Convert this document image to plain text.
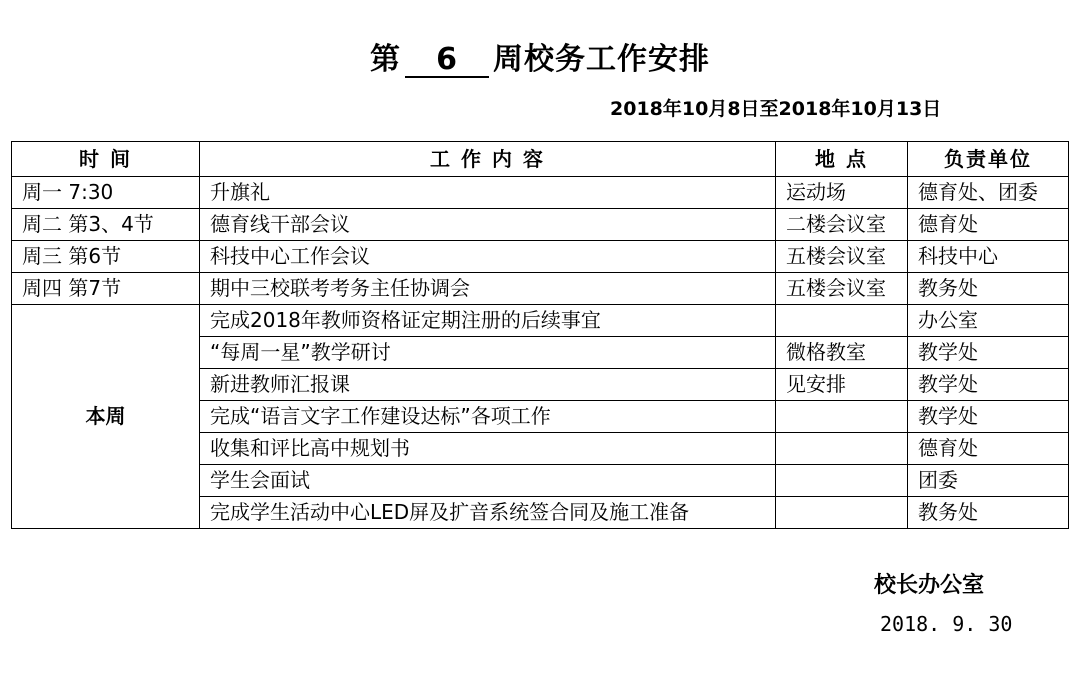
第 6 周校务工作安排
2018年10月8日至2018年10月13日
时 间	工 作 内 容	地 点	负责单位
周一 7:30	升旗礼	运动场	德育处、团委
周二 第3、4节	德育线干部会议	二楼会议室	德育处
周三 第6节	科技中心工作会议	五楼会议室	科技中心
周四 第7节	期中三校联考考务主任协调会	五楼会议室	教务处
本周	完成2018年教师资格证定期注册的后续事宜		办公室
	“每周一星”教学研讨	微格教室	教学处
	新进教师汇报课	见安排	教学处
	完成“语言文字工作建设达标”各项工作		教学处
	收集和评比高中规划书		德育处
	学生会面试		团委
	完成学生活动中心LED屏及扩音系统签合同及施工准备		教务处
校长办公室
2018. 9. 30
